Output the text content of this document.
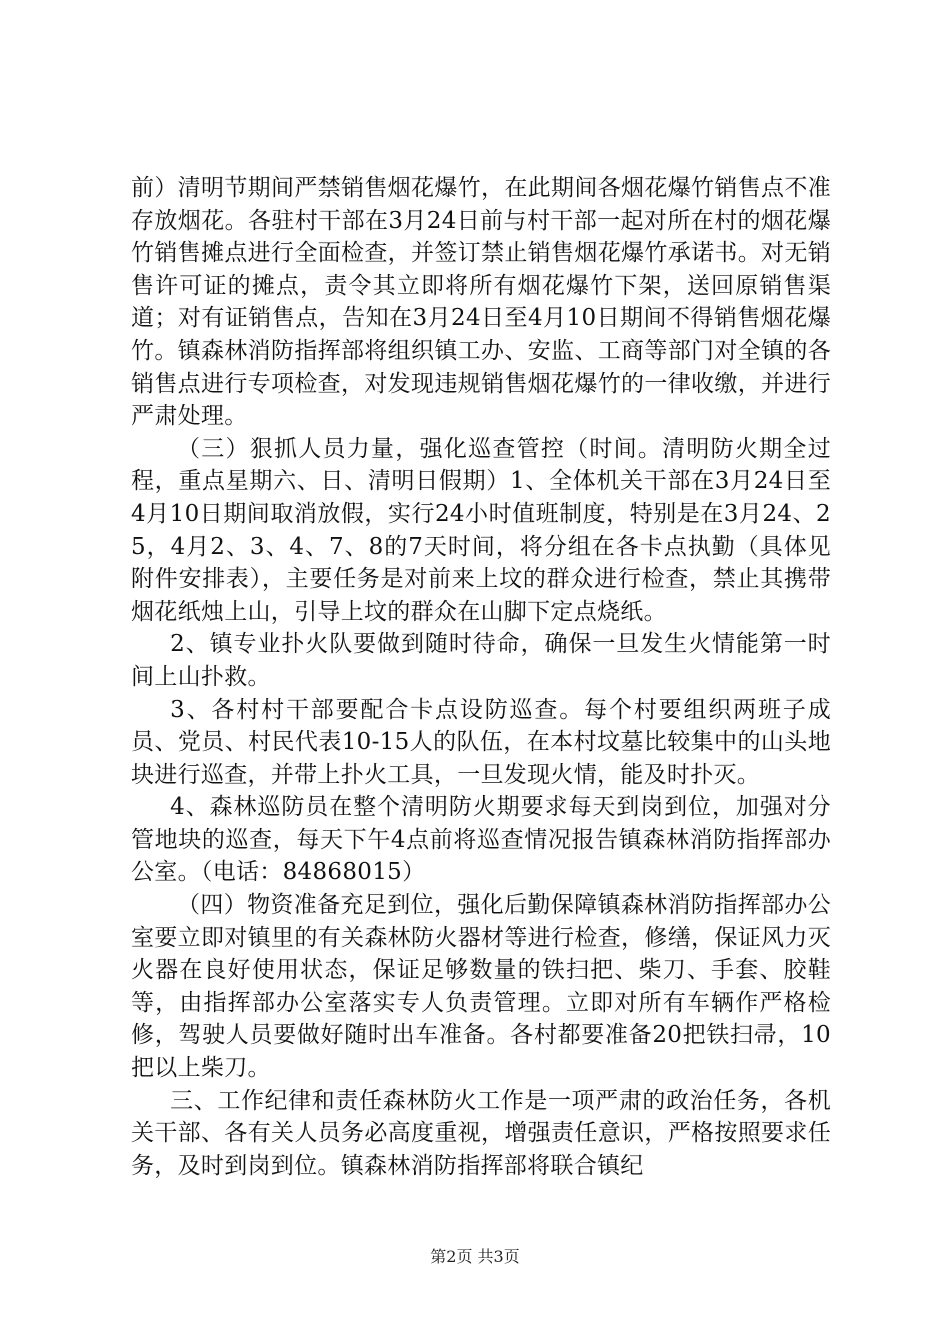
前）清明节期间严禁销售烟花爆竹，在此期间各烟花爆竹销售点不准存放烟花。各驻村干部在3月24日前与村干部一起对所在村的烟花爆竹销售摊点进行全面检查，并签订禁止销售烟花爆竹承诺书。对无销售许可证的摊点，责令其立即将所有烟花爆竹下架，送回原销售渠道；对有证销售点，告知在3月24日至4月10日期间不得销售烟花爆竹。镇森林消防指挥部将组织镇工办、安监、工商等部门对全镇的各销售点进行专项检查，对发现违规销售烟花爆竹的一律收缴，并进行严肃处理。

（三）狠抓人员力量，强化巡查管控（时间。清明防火期全过程，重点星期六、日、清明日假期）1、全体机关干部在3月24日至4月10日期间取消放假，实行24小时值班制度，特别是在3月24、25，4月2、3、4、7、8的7天时间，将分组在各卡点执勤（具体见附件安排表），主要任务是对前来上坟的群众进行检查，禁止其携带烟花纸烛上山，引导上坟的群众在山脚下定点烧纸。

2、镇专业扑火队要做到随时待命，确保一旦发生火情能第一时间上山扑救。

3、各村村干部要配合卡点设防巡查。每个村要组织两班子成员、党员、村民代表10-15人的队伍，在本村坟墓比较集中的山头地块进行巡查，并带上扑火工具，一旦发现火情，能及时扑灭。

4、森林巡防员在整个清明防火期要求每天到岗到位，加强对分管地块的巡查，每天下午4点前将巡查情况报告镇森林消防指挥部办公室。（电话：84868015）

（四）物资准备充足到位，强化后勤保障镇森林消防指挥部办公室要立即对镇里的有关森林防火器材等进行检查，修缮，保证风力灭火器在良好使用状态，保证足够数量的铁扫把、柴刀、手套、胶鞋等，由指挥部办公室落实专人负责管理。立即对所有车辆作严格检修，驾驶人员要做好随时出车准备。各村都要准备20把铁扫帚，10把以上柴刀。

三、工作纪律和责任森林防火工作是一项严肃的政治任务，各机关干部、各有关人员务必高度重视，增强责任意识，严格按照要求任务，及时到岗到位。镇森林消防指挥部将联合镇纪

第2页 共3页
